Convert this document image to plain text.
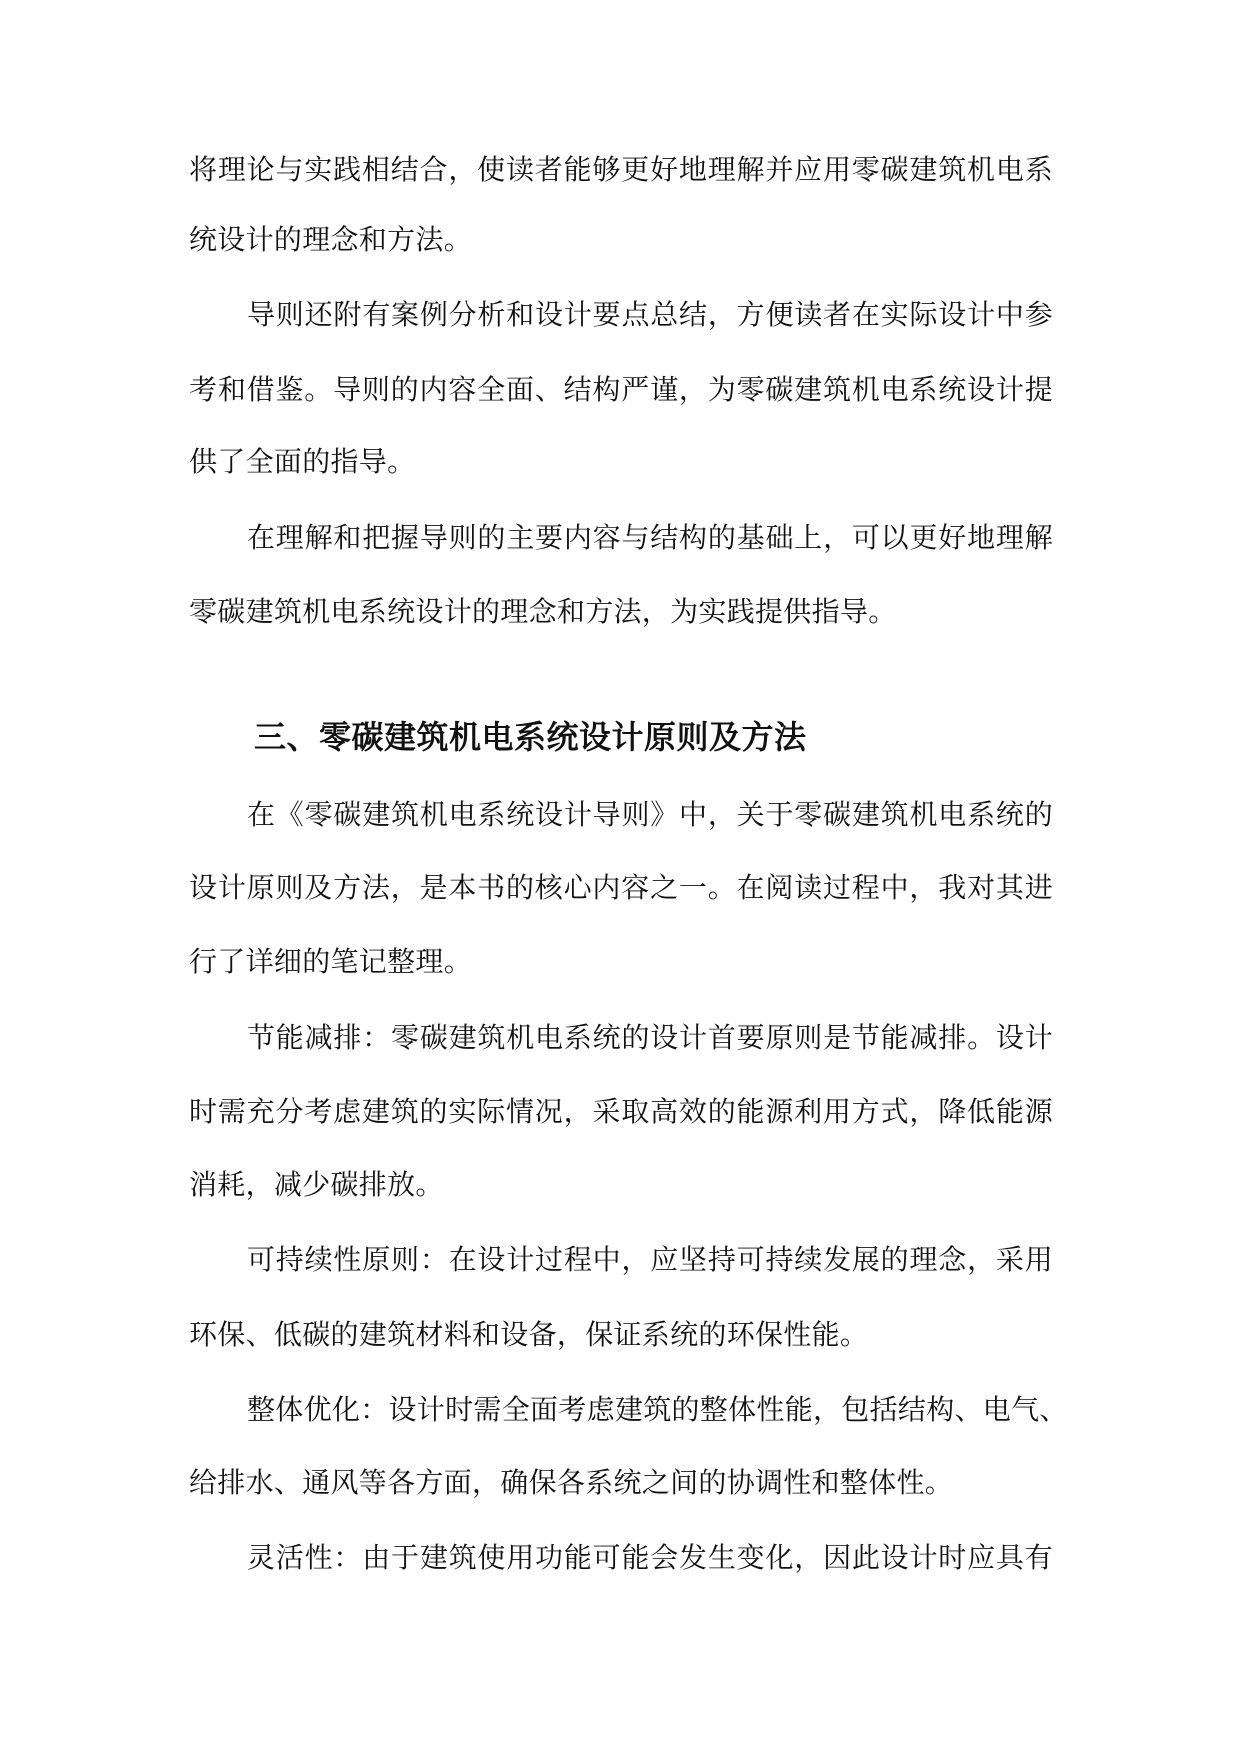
将理论与实践相结合，使读者能够更好地理解并应用零碳建筑机电系
统设计的理念和方法。
导则还附有案例分析和设计要点总结，方便读者在实际设计中参
考和借鉴。导则的内容全面、结构严谨，为零碳建筑机电系统设计提
供了全面的指导。
在理解和把握导则的主要内容与结构的基础上，可以更好地理解
零碳建筑机电系统设计的理念和方法，为实践提供指导。
三、零碳建筑机电系统设计原则及方法
在《零碳建筑机电系统设计导则》中，关于零碳建筑机电系统的
设计原则及方法，是本书的核心内容之一。在阅读过程中，我对其进
行了详细的笔记整理。
节能减排：零碳建筑机电系统的设计首要原则是节能减排。设计
时需充分考虑建筑的实际情况，采取高效的能源利用方式，降低能源
消耗，减少碳排放。
可持续性原则：在设计过程中，应坚持可持续发展的理念，采用
环保、低碳的建筑材料和设备，保证系统的环保性能。
整体优化：设计时需全面考虑建筑的整体性能，包括结构、电气、
给排水、通风等各方面，确保各系统之间的协调性和整体性。
灵活性：由于建筑使用功能可能会发生变化，因此设计时应具有
